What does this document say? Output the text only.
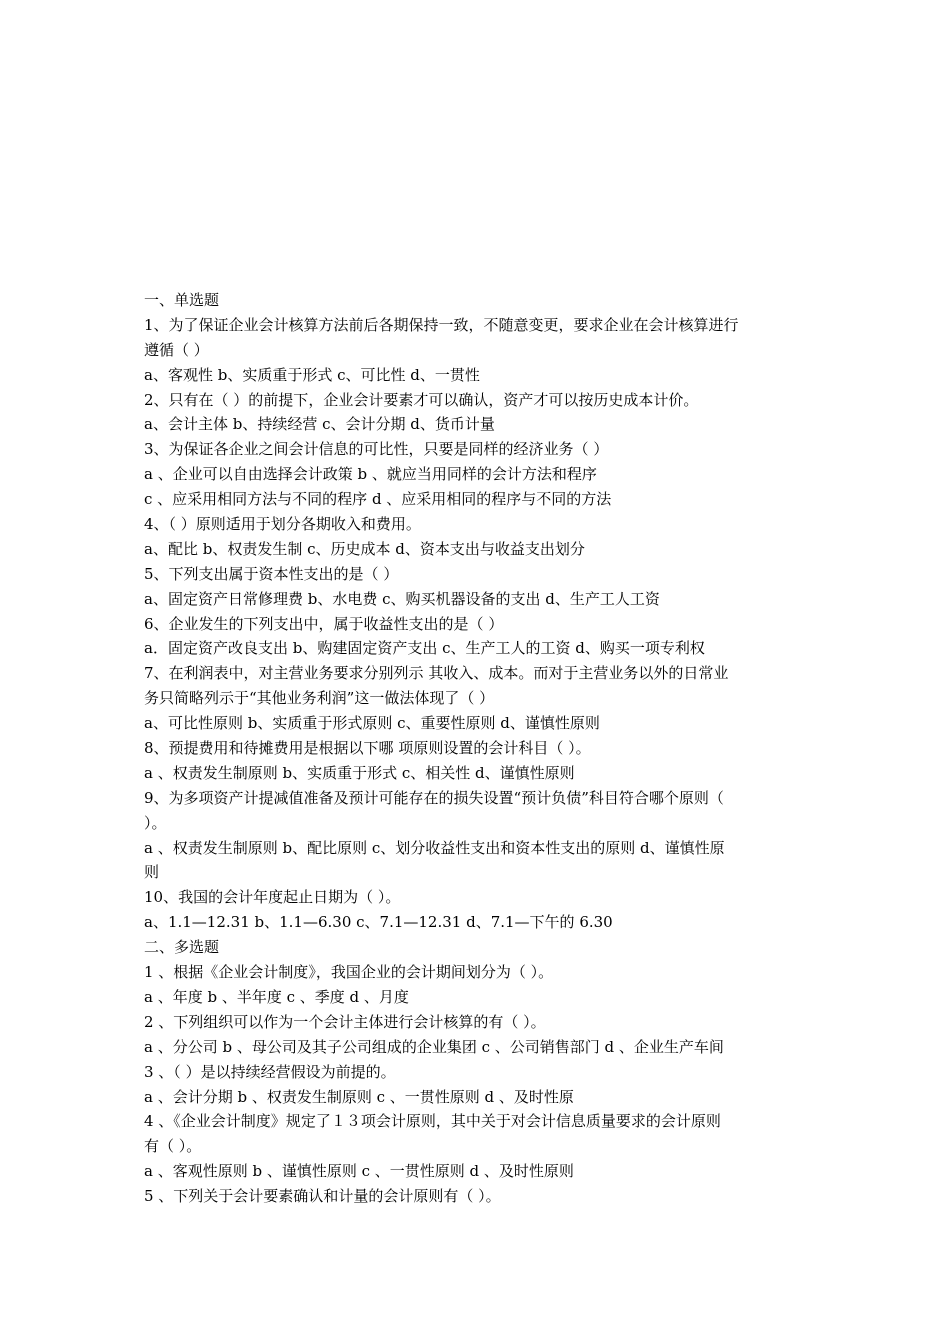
一、单选题
1、为了保证企业会计核算方法前后各期保持一致，不随意变更，要求企业在会计核算进行
遵循（ ）
a、客观性 b、实质重于形式 c、可比性 d、一贯性
2、只有在（ ）的前提下，企业会计要素才可以确认，资产才可以按历史成本计价。
a、会计主体 b、持续经营 c、会计分期 d、货币计量
3、为保证各企业之间会计信息的可比性，只要是同样的经济业务（ ）
a 、企业可以自由选择会计政策 b 、就应当用同样的会计方法和程序
c 、应采用相同方法与不同的程序 d 、应采用相同的程序与不同的方法
4、（ ）原则适用于划分各期收入和费用。
a、配比 b、权责发生制 c、历史成本 d、资本支出与收益支出划分
5、下列支出属于资本性支出的是（ ）
a、固定资产日常修理费 b、水电费 c、购买机器设备的支出 d、生产工人工资
6、企业发生的下列支出中，属于收益性支出的是（ ）
a．固定资产改良支出 b、购建固定资产支出 c、生产工人的工资 d、购买一项专利权
7、在利润表中，对主营业务要求分别列示 其收入、成本。而对于主营业务以外的日常业
务只简略列示于“其他业务利润”这一做法体现了（ ）
a、可比性原则 b、实质重于形式原则 c、重要性原则 d、谨慎性原则
8、预提费用和待摊费用是根据以下哪 项原则设置的会计科目（ ）。
a 、权责发生制原则 b、实质重于形式 c、相关性 d、谨慎性原则
9、为多项资产计提减值准备及预计可能存在的损失设置“预计负债”科目符合哪个原则（
）。
a 、权责发生制原则 b、配比原则 c、划分收益性支出和资本性支出的原则 d、谨慎性原
则
10、我国的会计年度起止日期为（ ）。
a、1.1—12.31 b、1.1—6.30 c、7.1—12.31 d、7.1—下午的 6.30
二、多选题
1 、根据《企业会计制度》，我国企业的会计期间划分为（ ）。
a 、年度 b 、半年度 c 、季度 d 、月度
2 、下列组织可以作为一个会计主体进行会计核算的有（ ）。
a 、分公司 b 、母公司及其子公司组成的企业集团 c 、公司销售部门 d 、企业生产车间
3 、（ ）是以持续经营假设为前提的。
a 、会计分期 b 、权责发生制原则 c 、一贯性原则 d 、及时性原
4 、《企业会计制度》规定了１３项会计原则，其中关于对会计信息质量要求的会计原则
有（ ）。
a 、客观性原则 b 、谨慎性原则 c 、一贯性原则 d 、及时性原则
5 、下列关于会计要素确认和计量的会计原则有（ ）。
